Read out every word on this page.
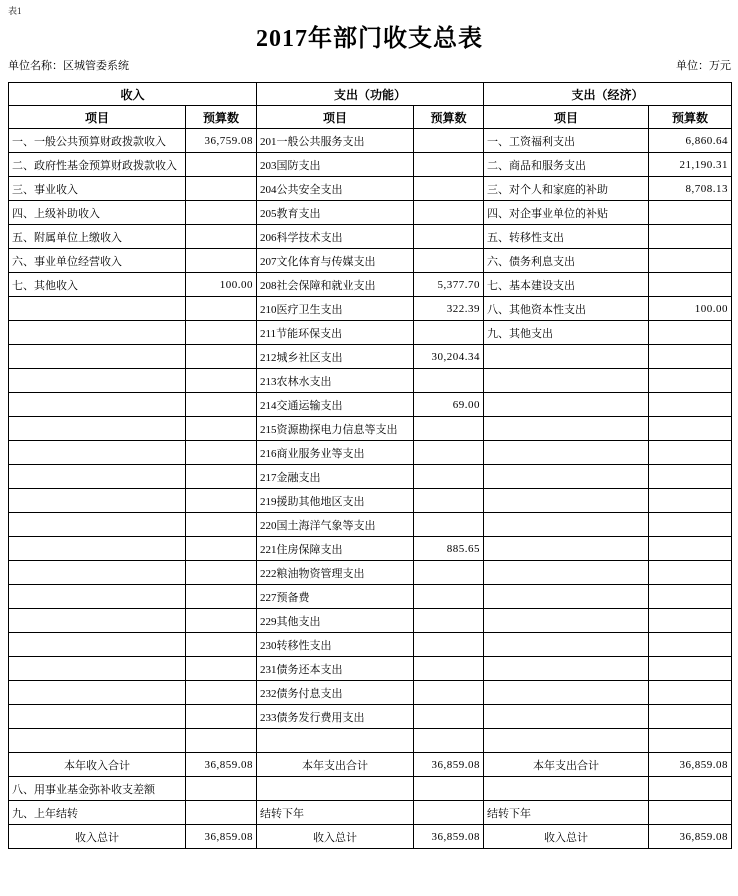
表1
2017年部门收支总表
单位名称：区城管委系统	单位：万元
收入		支出（功能）		支出（经济）	
项目	预算数	项目	预算数	项目	预算数
一、一般公共预算财政拨款收入	36,759.08	201一般公共服务支出		一、工资福利支出	6,860.64
二、政府性基金预算财政拨款收入		203国防支出		二、商品和服务支出	21,190.31
三、事业收入		204公共安全支出		三、对个人和家庭的补助	8,708.13
四、上级补助收入		205教育支出		四、对企事业单位的补贴	
五、附属单位上缴收入		206科学技术支出		五、转移性支出	
六、事业单位经营收入		207文化体育与传媒支出		六、债务利息支出	
七、其他收入	100.00	208社会保障和就业支出	5,377.70	七、基本建设支出	
		210医疗卫生支出	322.39	八、其他资本性支出	100.00
		211节能环保支出		九、其他支出	
		212城乡社区支出	30,204.34		
		213农林水支出			
		214交通运输支出	69.00		
		215资源勘探电力信息等支出			
		216商业服务业等支出			
		217金融支出			
		219援助其他地区支出			
		220国土海洋气象等支出			
		221住房保障支出	885.65		
		222粮油物资管理支出			
		227预备费			
		229其他支出			
		230转移性支出			
		231债务还本支出			
		232债务付息支出			
		233债务发行费用支出			

本年收入合计	36,859.08	本年支出合计	36,859.08	本年支出合计	36,859.08
八、用事业基金弥补收支差额					
九、上年结转		结转下年		结转下年	
收入总计	36,859.08	收入总计	36,859.08	收入总计	36,859.08
